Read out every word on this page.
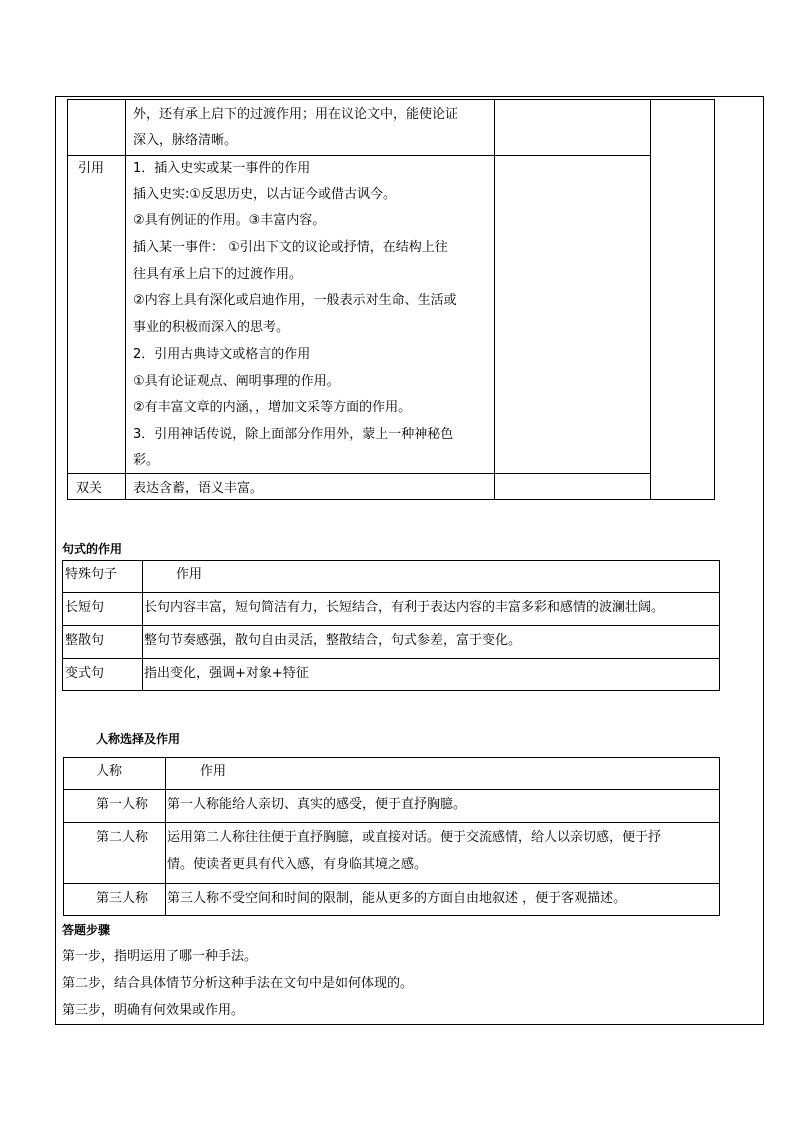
外，还有承上启下的过渡作用；用在议论文中，能使论证
深入，脉络清晰。
引用 1．插入史实或某一事件的作用
插入史实:①反思历史，以古证今或借古讽今。
②具有例证的作用。③丰富内容。
插入某一事件： ①引出下文的议论或抒情，在结构上往
往具有承上启下的过渡作用。
②内容上具有深化或启迪作用，一般表示对生命、生活或
事业的积极而深入的思考。
2．引用古典诗文或格言的作用
①具有论证观点、阐明事理的作用。
②有丰富文章的内涵，，增加文采等方面的作用。
3．引用神话传说，除上面部分作用外，蒙上一种神秘色
彩。
双关 表达含蓄，语义丰富。
句式的作用
特殊句子	作用
长短句	长句内容丰富，短句简洁有力，长短结合，有利于表达内容的丰富多彩和感情的波澜壮阔。
整散句	整句节奏感强，散句自由灵活，整散结合，句式参差，富于变化。
变式句	指出变化，强调+对象+特征
人称选择及作用
人称	作用
第一人称 第一人称能给人亲切、真实的感受，便于直抒胸臆。
第二人称 运用第二人称往往便于直抒胸臆，或直接对话。便于交流感情，给人以亲切感，便于抒
情。使读者更具有代入感，有身临其境之感。
第三人称 第三人称不受空间和时间的限制，能从更多的方面自由地叙述 ，便于客观描述。
答题步骤
第一步，指明运用了哪一种手法。
第二步，结合具体情节分析这种手法在文句中是如何体现的。
第三步，明确有何效果或作用。
